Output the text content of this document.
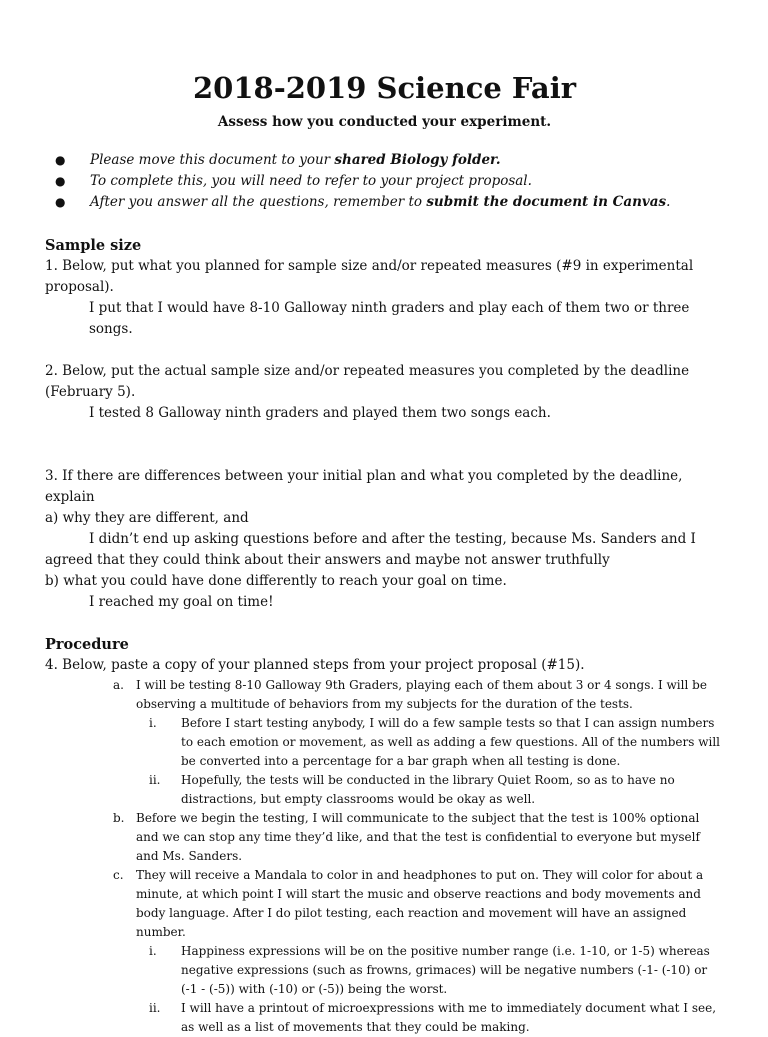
2018-2019 Science Fair

Assess how you conducted your experiment.

● Please move this document to your shared Biology folder.
● To complete this, you will need to refer to your project proposal.
● After you answer all the questions, remember to submit the document in Canvas.
Sample size

1. Below, put what you planned for sample size and/or repeated measures (#9 in experimental proposal).

I put that I would have 8-10 Galloway ninth graders and play each of them two or three songs.

2. Below, put the actual sample size and/or repeated measures you completed by the deadline (February 5).

I tested 8 Galloway ninth graders and played them two songs each.

3. If there are differences between your initial plan and what you completed by the deadline, explain

a) why they are different, and

I didn’t end up asking questions before and after the testing, because Ms. Sanders and I agreed that they could think about their answers and maybe not answer truthfully

b) what you could have done differently to reach your goal on time.

I reached my goal on time!

Procedure

4. Below, paste a copy of your planned steps from your project proposal (#15).

a. I will be testing 8-10 Galloway 9th Graders, playing each of them about 3 or 4 songs. I will be observing a multitude of behaviors from my subjects for the duration of the tests.

i. Before I start testing anybody, I will do a few sample tests so that I can assign numbers to each emotion or movement, as well as adding a few questions. All of the numbers will be converted into a percentage for a bar graph when all testing is done.

ii. Hopefully, the tests will be conducted in the library Quiet Room, so as to have no distractions, but empty classrooms would be okay as well.

b. Before we begin the testing, I will communicate to the subject that the test is 100% optional and we can stop any time they’d like, and that the test is confidential to everyone but myself and Ms. Sanders.

c. They will receive a Mandala to color in and headphones to put on. They will color for about a minute, at which point I will start the music and observe reactions and body movements and body language. After I do pilot testing, each reaction and movement will have an assigned number.

i. Happiness expressions will be on the positive number range (i.e. 1-10, or 1-5) whereas negative expressions (such as frowns, grimaces) will be negative numbers (-1- (-10) or (-1 - (-5)) with (-10) or (-5)) being the worst.

ii. I will have a printout of microexpressions with me to immediately document what I see, as well as a list of movements that they could be making.
